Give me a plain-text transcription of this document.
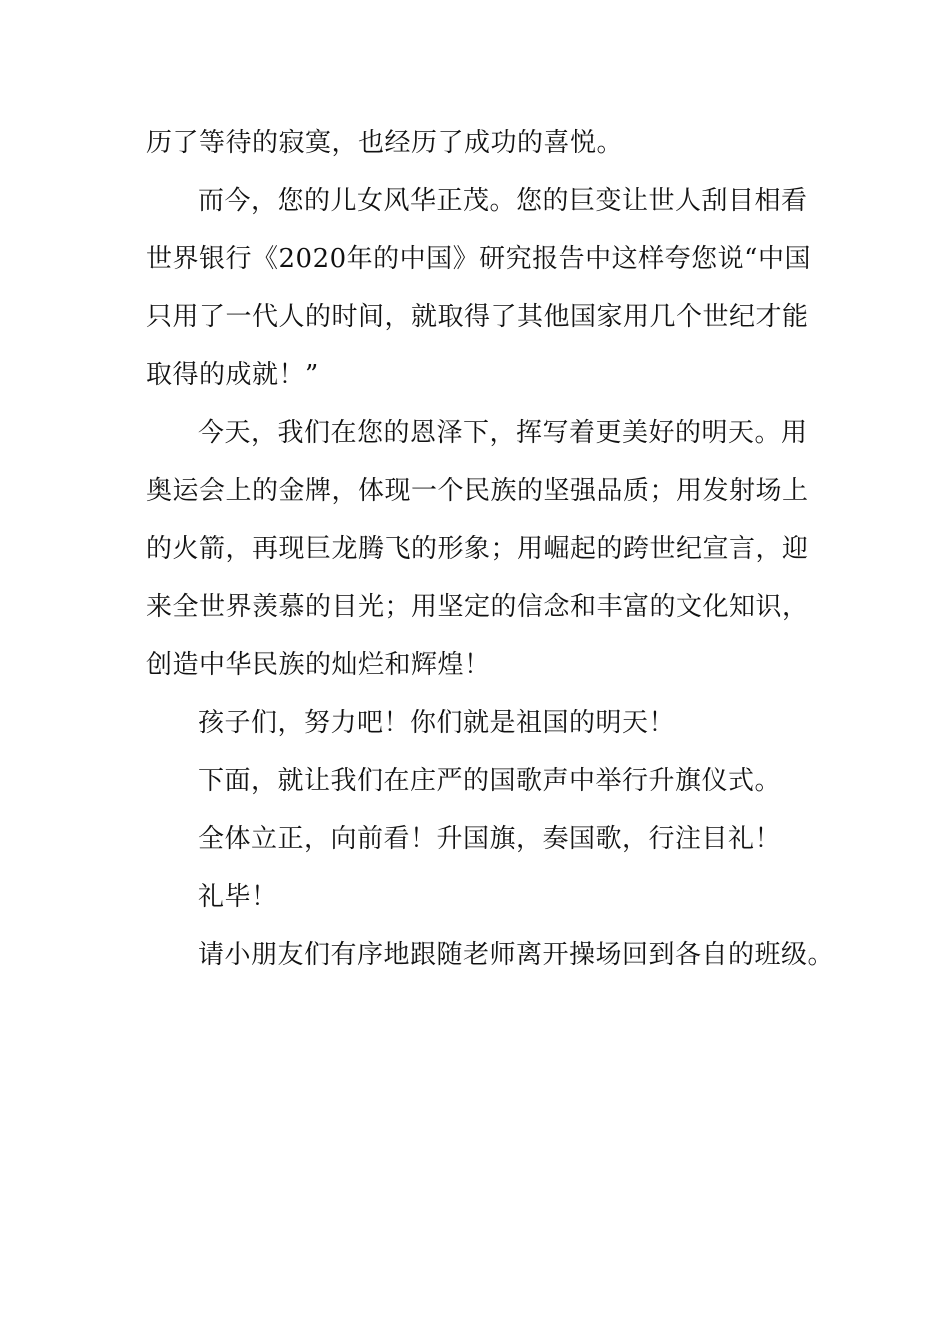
历了等待的寂寞，也经历了成功的喜悦。
而今，您的儿女风华正茂。您的巨变让世人刮目相看
世界银行《2020年的中国》研究报告中这样夸您说“中国
只用了一代人的时间，就取得了其他国家用几个世纪才能
取得的成就！”
今天，我们在您的恩泽下，挥写着更美好的明天。用
奥运会上的金牌，体现一个民族的坚强品质；用发射场上
的火箭，再现巨龙腾飞的形象；用崛起的跨世纪宣言，迎
来全世界羡慕的目光；用坚定的信念和丰富的文化知识，
创造中华民族的灿烂和辉煌！
孩子们，努力吧！你们就是祖国的明天！
下面，就让我们在庄严的国歌声中举行升旗仪式。
全体立正，向前看！升国旗，奏国歌，行注目礼！
礼毕！
请小朋友们有序地跟随老师离开操场回到各自的班级。
